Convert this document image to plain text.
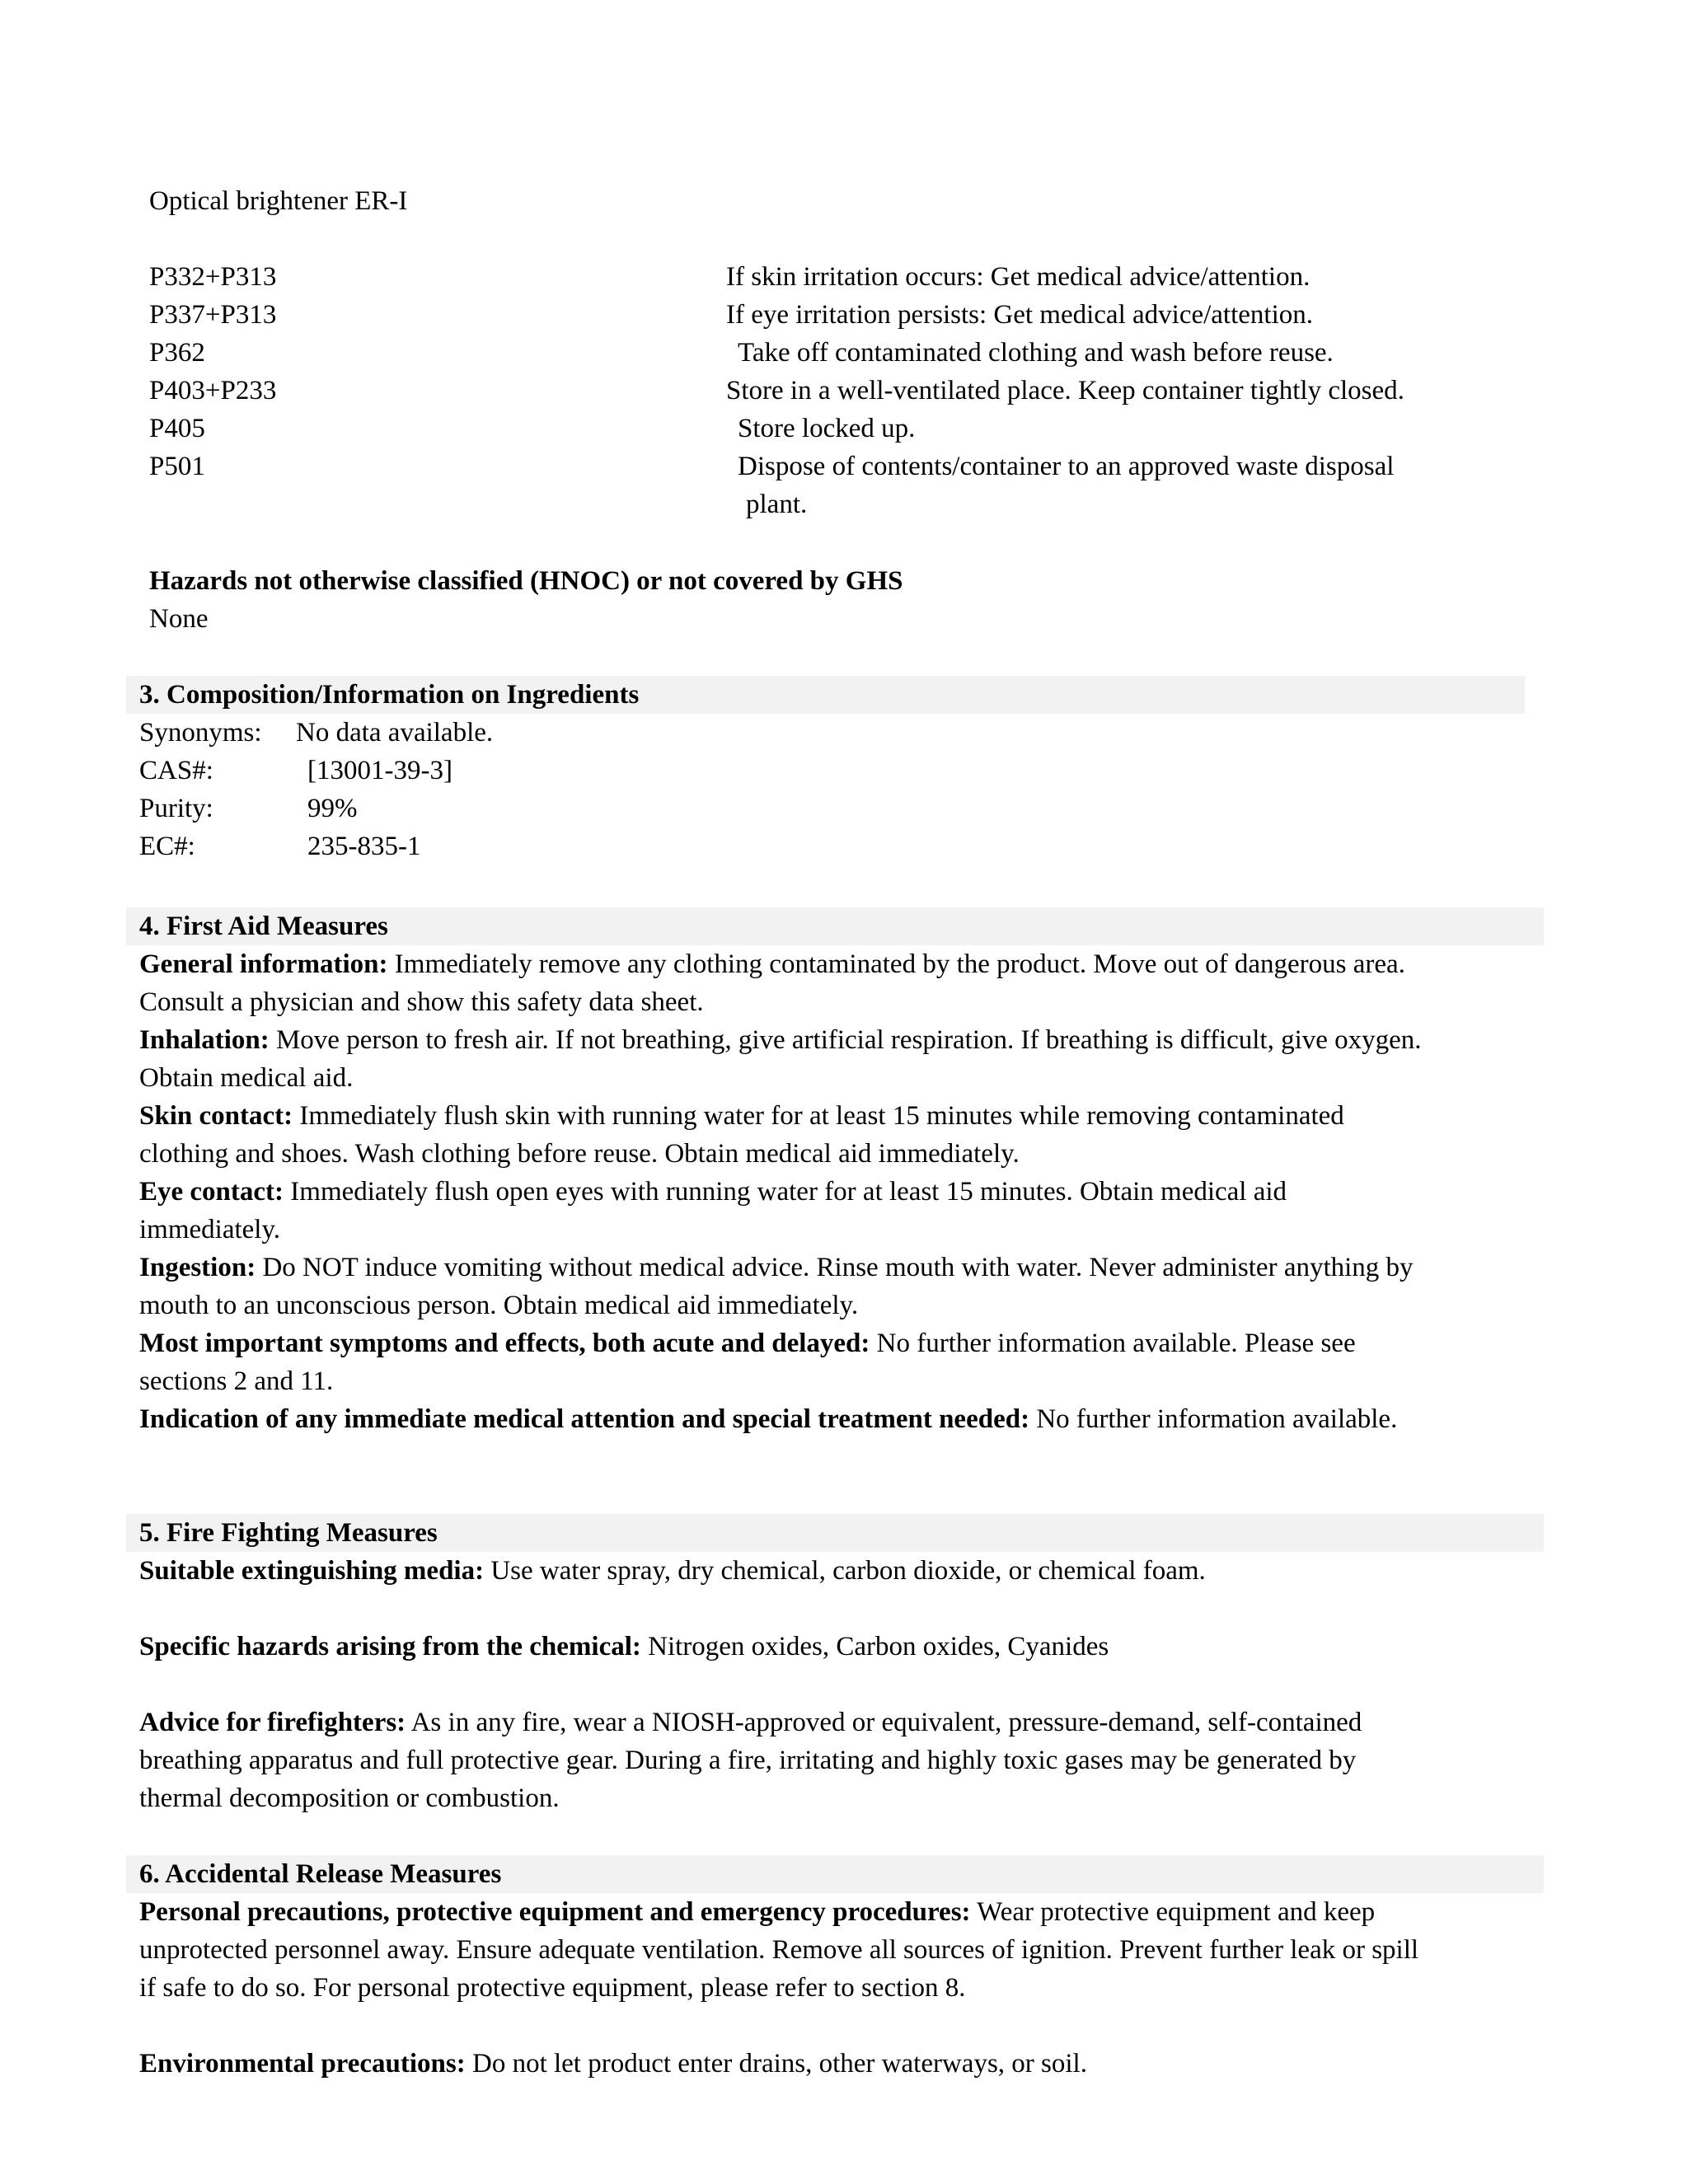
Optical brightener ER-I
P332+P313	If skin irritation occurs: Get medical advice/attention.
P337+P313	If eye irritation persists: Get medical advice/attention.
P362	Take off contaminated clothing and wash before reuse.
P403+P233	Store in a well-ventilated place. Keep container tightly closed.
P405	Store locked up.
P501	Dispose of contents/container to an approved waste disposal
plant.
Hazards not otherwise classified (HNOC) or not covered by GHS
None
3. Composition/Information on Ingredients
Synonyms:	No data available.
CAS#:	[13001-39-3]
Purity:	99%
EC#:	235-835-1
4. First Aid Measures

General information: Immediately remove any clothing contaminated by the product. Move out of dangerous area. Consult a physician and show this safety data sheet.

Inhalation: Move person to fresh air. If not breathing, give artificial respiration. If breathing is difficult, give oxygen. Obtain medical aid.

Skin contact: Immediately flush skin with running water for at least 15 minutes while removing contaminated clothing and shoes. Wash clothing before reuse. Obtain medical aid immediately.

Eye contact: Immediately flush open eyes with running water for at least 15 minutes. Obtain medical aid immediately.

Ingestion: Do NOT induce vomiting without medical advice. Rinse mouth with water. Never administer anything by mouth to an unconscious person. Obtain medical aid immediately.

Most important symptoms and effects, both acute and delayed: No further information available. Please see sections 2 and 11.

Indication of any immediate medical attention and special treatment needed: No further information available.

5. Fire Fighting Measures

Suitable extinguishing media: Use water spray, dry chemical, carbon dioxide, or chemical foam.

Specific hazards arising from the chemical: Nitrogen oxides, Carbon oxides, Cyanides

Advice for firefighters: As in any fire, wear a NIOSH-approved or equivalent, pressure-demand, self-contained breathing apparatus and full protective gear. During a fire, irritating and highly toxic gases may be generated by thermal decomposition or combustion.

6. Accidental Release Measures

Personal precautions, protective equipment and emergency procedures: Wear protective equipment and keep unprotected personnel away. Ensure adequate ventilation. Remove all sources of ignition. Prevent further leak or spill if safe to do so. For personal protective equipment, please refer to section 8.

Environmental precautions: Do not let product enter drains, other waterways, or soil.
